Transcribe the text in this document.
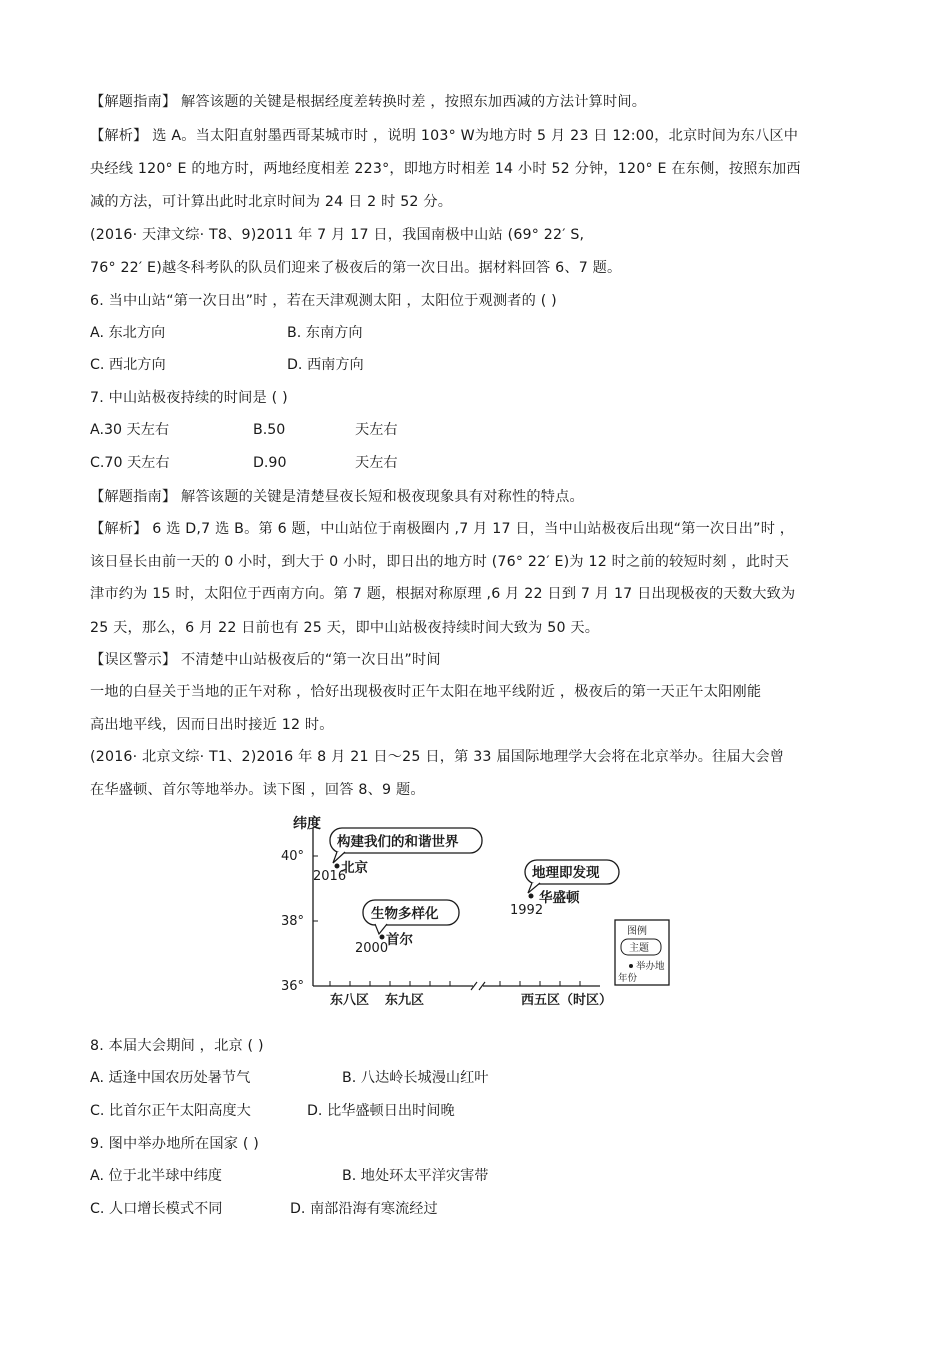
【解题指南】 解答该题的关键是根据经度差转换时差 ，按照东加西减的方法计算时间。
【解析】 选 A。当太阳直射墨西哥某城市时 ，说明 103° W为地方时 5 月 23 日 12:00，北京时间为东八区中
央经线 120° E 的地方时，两地经度相差 223°，即地方时相差 14 小时 52 分钟，120° E 在东侧，按照东加西
减的方法，可计算出此时北京时间为 24 日 2 时 52 分。
(2016· 天津文综· T8、9)2011 年 7 月 17 日，我国南极中山站 (69° 22′ S,
76° 22′ E)越冬科考队的队员们迎来了极夜后的第一次日出。据材料回答 6、7 题。
6. 当中山站“第一次日出”时 ，若在天津观测太阳 ，太阳位于观测者的 ( )
7. 中山站极夜持续的时间是 ( )
【解题指南】 解答该题的关键是清楚昼夜长短和极夜现象具有对称性的特点。
【解析】 6 选 D,7 选 B。第 6 题，中山站位于南极圈内 ,7 月 17 日，当中山站极夜后出现“第一次日出”时 ，
该日昼长由前一天的 0 小时，到大于 0 小时，即日出的地方时 (76° 22′ E)为 12 时之前的较短时刻 ，此时天
津市约为 15 时，太阳位于西南方向。第 7 题，根据对称原理 ,6 月 22 日到 7 月 17 日出现极夜的天数大致为
25 天，那么，6 月 22 日前也有 25 天，即中山站极夜持续时间大致为 50 天。
【误区警示】 不清楚中山站极夜后的“第一次日出”时间
一地的白昼关于当地的正午对称 ，恰好出现极夜时正午太阳在地平线附近 ，极夜后的第一天正午太阳刚能
高出地平线，因而日出时接近 12 时。
(2016· 北京文综· T1、2)2016 年 8 月 21 日～25 日，第 33 届国际地理学大会将在北京举办。往届大会曾
在华盛顿、首尔等地举办。读下图 ，回答 8、9 题。
8. 本届大会期间 ，北京 ( )
9. 图中举办地所在国家 ( )
A. 东北方向	B. 东南方向
C. 西北方向	D. 西南方向
A.30 天左右	B.50	天左右
C.70 天左右	D.90	天左右
A. 适逢中国农历处暑节气	B. 八达岭长城漫山红叶
C. 比首尔正午太阳高度大	D. 比华盛顿日出时间晚
A. 位于北半球中纬度	B. 地处环太平洋灾害带
C. 人口增长模式不同	D. 南部沿海有寒流经过
纬度
40°
38°
36°
东八区 东九区	西五区（时区）
构建我们的和谐世界
北京
2016	地理即发现
华盛顿
1992
生物多样化
首尔
2000
图例
主题
举办地
年份
